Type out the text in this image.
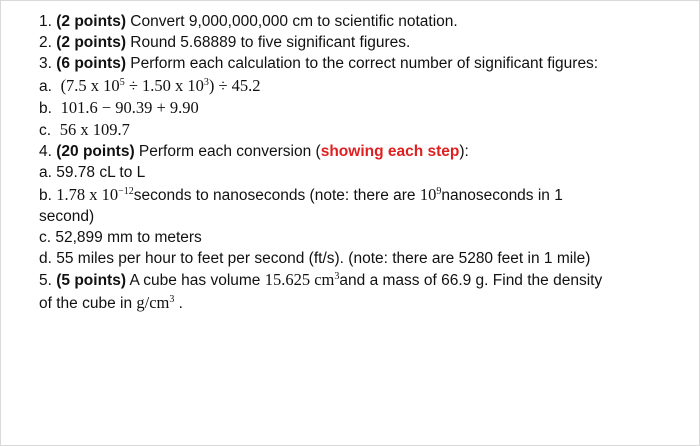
1. (2 points) Convert 9,000,000,000 cm to scientific notation.
2. (2 points) Round 5.68889 to five significant figures.
3. (6 points) Perform each calculation to the correct number of significant figures:
a. (7.5 x $10^5 \div 1.50$ x $10^3) \div 45.2$
b. 101.6 − 90.39 + 9.90
c. 56 x 109.7
4. (20 points) Perform each conversion (showing each step):
a. 59.78 cL to L
b. 1.78 x $10^{-12}seconds$ to nanoseconds (note: there are $10^9nanoseconds$ in 1
second)
c. 52,899 mm to meters
d. 55 miles per hour to feet per second (ft/s). (note: there are 5280 feet in 1 mile)
5. (5 points) A cube has volume 15.625 $cm^3and$ a mass of 66.9 g. Find the density
of the cube in $g/cm^3$ .
